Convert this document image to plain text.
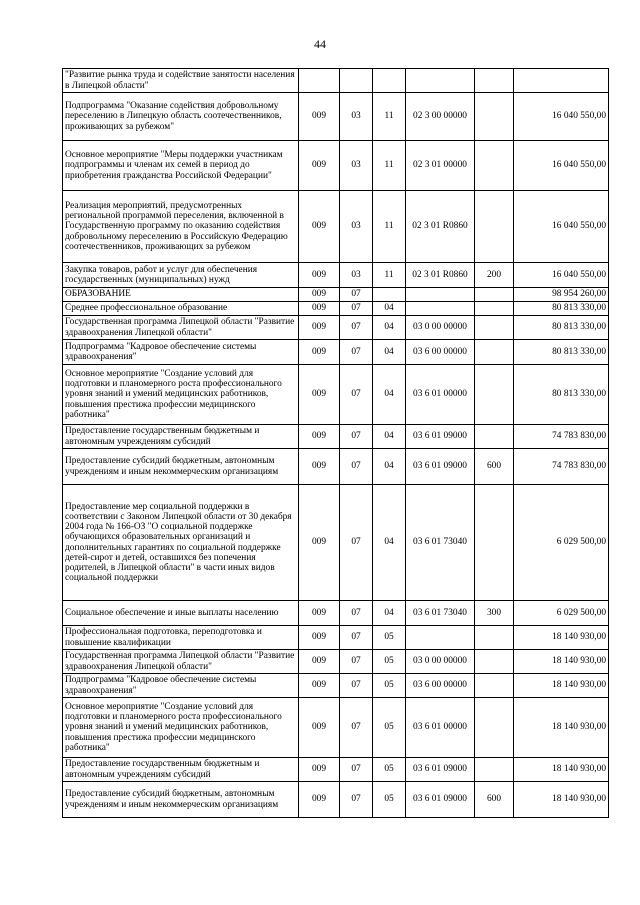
44
"Развитие рынка труда и содействие занятости населения в Липецкой области"						
Подпрограмма "Оказание содействия добровольному переселению в Липецкую область соотечественников, проживающих за рубежом"	009	03	11	02 3 00 00000		16 040 550,00
Основное мероприятие "Меры поддержки участникам подпрограммы и членам их семей в период до приобретения гражданства Российской Федерации"	009	03	11	02 3 01 00000		16 040 550,00
Реализация мероприятий, предусмотренных региональной программой переселения, включенной в Государственную программу по оказанию содействия добровольному переселению в Российскую Федерацию соотечественников, проживающих за рубежом	009	03	11	02 3 01 R0860		16 040 550,00
Закупка товаров, работ и услуг для обеспечения государственных (муниципальных) нужд	009	03	11	02 3 01 R0860	200	16 040 550,00
ОБРАЗОВАНИЕ	009	07				98 954 260,00
Среднее профессиональное образование	009	07	04			80 813 330,00
Государственная программа Липецкой области "Развитие здравоохранения Липецкой области"	009	07	04	03 0 00 00000		80 813 330,00
Подпрограмма "Кадровое обеспечение системы здравоохранения"	009	07	04	03 6 00 00000		80 813 330,00
Основное мероприятие "Создание условий для подготовки и планомерного роста профессионального уровня знаний и умений медицинских работников, повышения престижа профессии медицинского работника"	009	07	04	03 6 01 00000		80 813 330,00
Предоставление государственным бюджетным и автономным учреждениям субсидий	009	07	04	03 6 01 09000		74 783 830,00
Предоставление субсидий бюджетным, автономным учреждениям и иным некоммерческим организациям	009	07	04	03 6 01 09000	600	74 783 830,00
Предоставление мер социальной поддержки в соответствии с Законом Липецкой области от 30 декабря 2004 года № 166-ОЗ "О социальной поддержке обучающихся образовательных организаций и дополнительных гарантиях по социальной поддержке детей-сирот и детей, оставшихся без попечения родителей, в Липецкой области" в части иных видов социальной поддержки	009	07	04	03 6 01 73040		6 029 500,00
Социальное обеспечение и иные выплаты населению	009	07	04	03 6 01 73040	300	6 029 500,00
Профессиональная подготовка, переподготовка и повышение квалификации	009	07	05			18 140 930,00
Государственная программа Липецкой области "Развитие здравоохранения Липецкой области"	009	07	05	03 0 00 00000		18 140 930,00
Подпрограмма "Кадровое обеспечение системы здравоохранения"	009	07	05	03 6 00 00000		18 140 930,00
Основное мероприятие "Создание условий для подготовки и планомерного роста профессионального уровня знаний и умений медицинских работников, повышения престижа профессии медицинского работника"	009	07	05	03 6 01 00000		18 140 930,00
Предоставление государственным бюджетным и автономным учреждениям субсидий	009	07	05	03 6 01 09000		18 140 930,00
Предоставление субсидий бюджетным, автономным учреждениям и иным некоммерческим организациям	009	07	05	03 6 01 09000	600	18 140 930,00
